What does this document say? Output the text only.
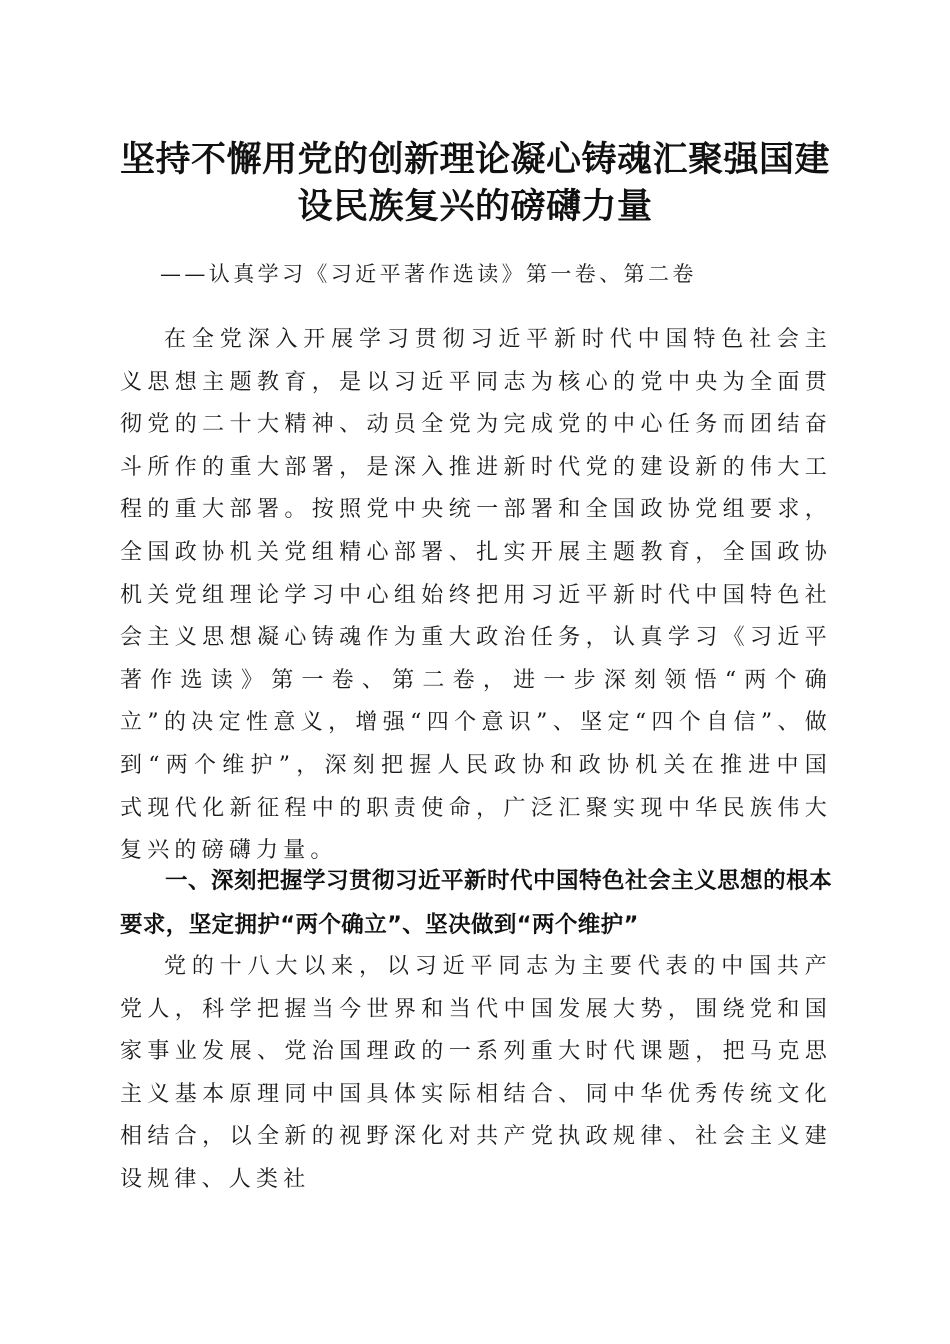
坚持不懈用党的创新理论凝心铸魂汇聚强国建设民族复兴的磅礴力量

——认真学习《习近平著作选读》第一卷、第二卷

在全党深入开展学习贯彻习近平新时代中国特色社会主义思想主题教育，是以习近平同志为核心的党中央为全面贯彻党的二十大精神、动员全党为完成党的中心任务而团结奋斗所作的重大部署，是深入推进新时代党的建设新的伟大工程的重大部署。按照党中央统一部署和全国政协党组要求，全国政协机关党组精心部署、扎实开展主题教育，全国政协机关党组理论学习中心组始终把用习近平新时代中国特色社会主义思想凝心铸魂作为重大政治任务，认真学习《习近平著作选读》第一卷、第二卷，进一步深刻领悟“两个确立”的决定性意义，增强“四个意识”、坚定“四个自信”、做到“两个维护”，深刻把握人民政协和政协机关在推进中国式现代化新征程中的职责使命，广泛汇聚实现中华民族伟大复兴的磅礴力量。

一、深刻把握学习贯彻习近平新时代中国特色社会主义思想的根本要求，坚定拥护“两个确立”、坚决做到“两个维护”

党的十八大以来，以习近平同志为主要代表的中国共产党人，科学把握当今世界和当代中国发展大势，围绕党和国家事业发展、党治国理政的一系列重大时代课题，把马克思主义基本原理同中国具体实际相结合、同中华优秀传统文化相结合，以全新的视野深化对共产党执政规律、社会主义建设规律、人类社
